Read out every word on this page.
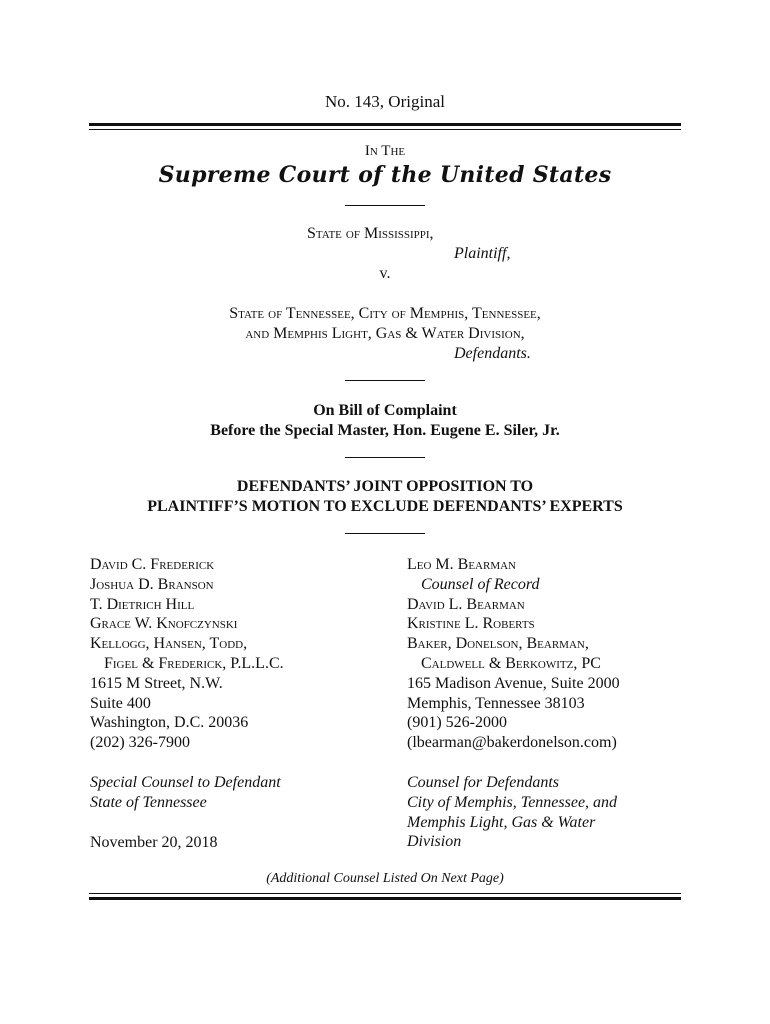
No. 143, Original
In The
Supreme Court of the United States
State of Mississippi,
Plaintiff,
v.
State of Tennessee, City of Memphis, Tennessee,
and Memphis Light, Gas & Water Division,
Defendants.
On Bill of Complaint
Before the Special Master, Hon. Eugene E. Siler, Jr.
DEFENDANTS’ JOINT OPPOSITION TO
PLAINTIFF’S MOTION TO EXCLUDE DEFENDANTS’ EXPERTS
David C. Frederick
Joshua D. Branson
T. Dietrich Hill
Grace W. Knofczynski
Kellogg, Hansen, Todd,
Figel & Frederick, P.L.L.C.
1615 M Street, N.W.
Suite 400
Washington, D.C. 20036
(202) 326-7900
Special Counsel to Defendant
State of Tennessee
November 20, 2018
Leo M. Bearman
Counsel of Record
David L. Bearman
Kristine L. Roberts
Baker, Donelson, Bearman,
Caldwell & Berkowitz, PC
165 Madison Avenue, Suite 2000
Memphis, Tennessee 38103
(901) 526-2000
(lbearman@bakerdonelson.com)
Counsel for Defendants
City of Memphis, Tennessee, and
Memphis Light, Gas & Water
Division
(Additional Counsel Listed On Next Page)
